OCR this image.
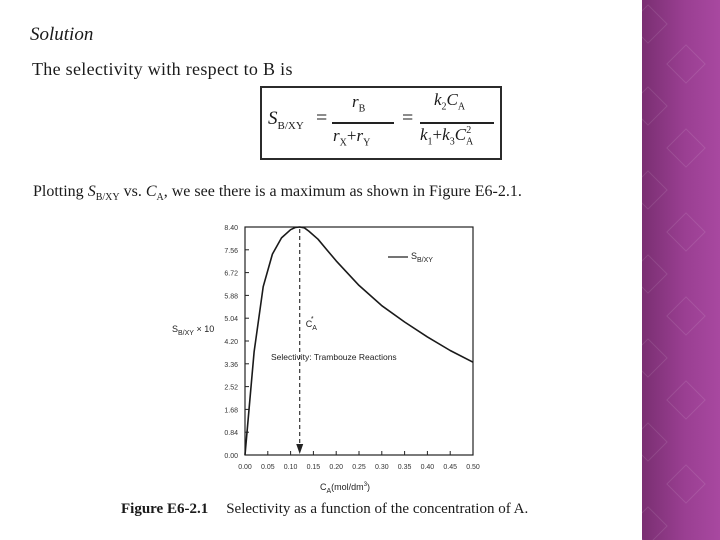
Solution
The selectivity with respect to B is
$S_{B/XY}$ =
$r_B$
$r_X+r_Y$
=
$k_2C_A$
$k_1+k_3C_A^2$
Plotting $S_{B/XY}$ vs. $C_A$, we see there is a maximum as shown in Figure E6-2.1.
0.00
0.84
1.68
2.52
3.36
4.20
5.04
5.88
6.72
7.56
8.40
0.00 0.05 0.10 0.15 0.20 0.25 0.30 0.35 0.40 0.45 0.50
$C_A*$
$S_{B/XY} \times 10$
$C_A(mol/dm^3)$
$S_{B/XY}$
Selectivity: Trambouze Reactions
Figure E6-2.1 Selectivity as a function of the concentration of A.
